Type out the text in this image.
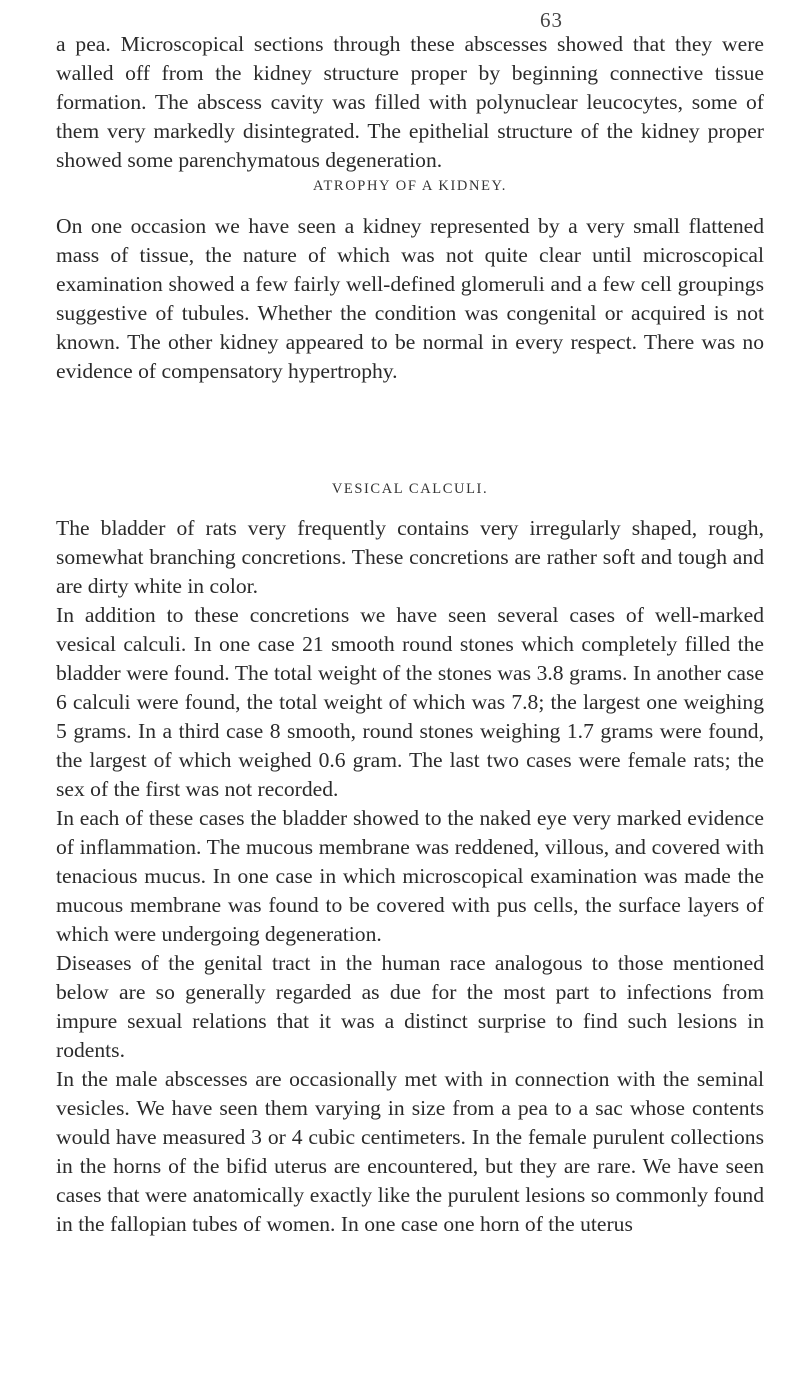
63

a pea. Microscopical sections through these abscesses showed that they were walled off from the kidney structure proper by beginning connective tissue formation. The abscess cavity was filled with polynuclear leucocytes, some of them very markedly disintegrated. The epithelial structure of the kidney proper showed some parenchymatous degeneration.

ATROPHY OF A KIDNEY.

On one occasion we have seen a kidney represented by a very small flattened mass of tissue, the nature of which was not quite clear until microscopical examination showed a few fairly well-defined glomeruli and a few cell groupings suggestive of tubules. Whether the condition was congenital or acquired is not known. The other kidney appeared to be normal in every respect. There was no evidence of compensatory hypertrophy.

VESICAL CALCULI.

The bladder of rats very frequently contains very irregularly shaped, rough, somewhat branching concretions. These concretions are rather soft and tough and are dirty white in color.

In addition to these concretions we have seen several cases of well-marked vesical calculi. In one case 21 smooth round stones which completely filled the bladder were found. The total weight of the stones was 3.8 grams. In another case 6 calculi were found, the total weight of which was 7.8; the largest one weighing 5 grams. In a third case 8 smooth, round stones weighing 1.7 grams were found, the largest of which weighed 0.6 gram. The last two cases were female rats; the sex of the first was not recorded.

In each of these cases the bladder showed to the naked eye very marked evidence of inflammation. The mucous membrane was reddened, villous, and covered with tenacious mucus. In one case in which microscopical examination was made the mucous membrane was found to be covered with pus cells, the surface layers of which were undergoing degeneration.

Diseases of the genital tract in the human race analogous to those mentioned below are so generally regarded as due for the most part to infections from impure sexual relations that it was a distinct surprise to find such lesions in rodents.

In the male abscesses are occasionally met with in connection with the seminal vesicles. We have seen them varying in size from a pea to a sac whose contents would have measured 3 or 4 cubic centimeters. In the female purulent collections in the horns of the bifid uterus are encountered, but they are rare. We have seen cases that were anatomically exactly like the purulent lesions so commonly found in the fallopian tubes of women. In one case one horn of the uterus
